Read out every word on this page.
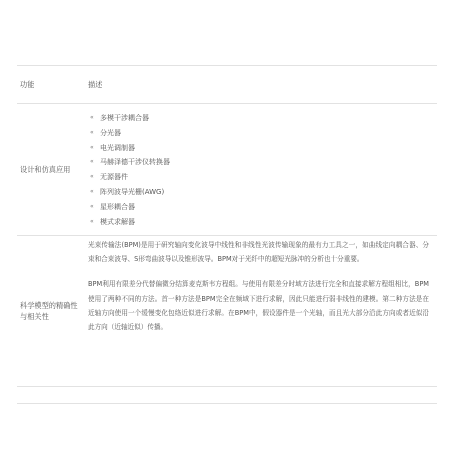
功能	描述
设计和仿真应用
« 多模干涉耦合器
« 分光器
« 电光调制器
« 马赫泽德干涉仪转换器
« 无源器件
« 阵列波导光栅(AWG)
« 星形耦合器
« 模式求解器
科学模型的精确性与相关性
光束传输法(BPM)是用于研究轴向变化波导中线性和非线性光波传输现象的最有力工具之一，如曲线定向耦合器、分束和合束波导、S形弯曲波导以及锥形波导。BPM对于光纤中的超短光脉冲的分析也十分重要。
BPM利用有限差分代替偏微分结算麦克斯韦方程组。与使用有限差分时域方法进行完全和直接求解方程组相比，BPM使用了两种不同的方法。首一种方法是BPM完全在频域下进行求解，因此只能进行弱非线性的建模。第二种方法是在近轴方向使用一个缓慢变化包络近似进行求解。在BPM中，假设器件是一个光轴，而且光大部分沿此方向或者近似沿此方向（近轴近似）传播。
